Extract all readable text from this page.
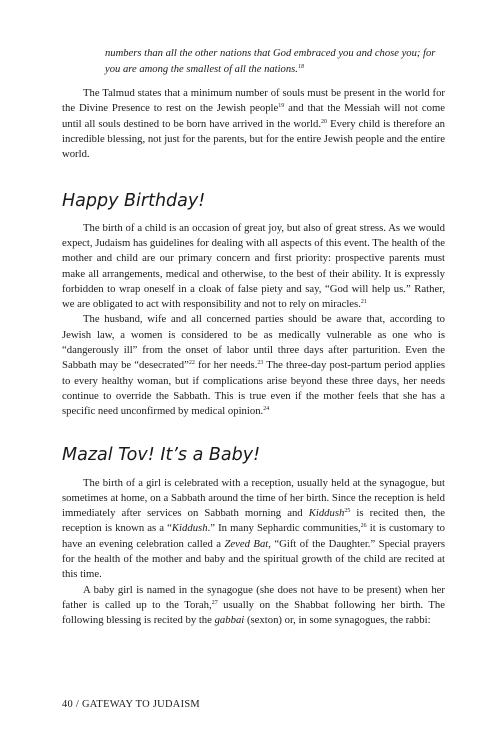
numbers than all the other nations that God embraced you and chose you; for you are among the smallest of all the nations.$^{18}$

The Talmud states that a minimum number of souls must be present in the world for the Divine Presence to rest on the Jewish people$^{19}$ and that the Messiah will not come until all souls destined to be born have arrived in the world.$^{20}$ Every child is therefore an incredible blessing, not just for the parents, but for the entire Jewish people and the entire world.

Happy Birthday!

The birth of a child is an occasion of great joy, but also of great stress. As we would expect, Judaism has guidelines for dealing with all aspects of this event. The health of the mother and child are our primary concern and first priority: prospective parents must make all arrangements, medical and otherwise, to the best of their ability. It is expressly forbidden to wrap oneself in a cloak of false piety and say, “God will help us.” Rather, we are obligated to act with responsibility and not to rely on miracles.$^{21}$

The husband, wife and all concerned parties should be aware that, according to Jewish law, a women is considered to be as medically vulnerable as one who is “dangerously ill” from the onset of labor until three days after parturition. Even the Sabbath may be “desecrated”$^{22}$ for her needs.$^{23}$ The three-day post-partum period applies to every healthy woman, but if complications arise beyond these three days, her needs continue to override the Sabbath. This is true even if the mother feels that she has a specific need unconfirmed by medical opinion.$^{24}$

Mazal Tov! It’s a Baby!

The birth of a girl is celebrated with a reception, usually held at the synagogue, but sometimes at home, on a Sabbath around the time of her birth. Since the reception is held immediately after services on Sabbath morning and Kiddush$^{25}$ is recited then, the reception is known as a “Kiddush.” In many Sephardic communities,$^{26}$ it is customary to have an evening celebration called a Zeved Bat, “Gift of the Daughter.” Special prayers for the health of the mother and baby and the spiritual growth of the child are recited at this time.

A baby girl is named in the synagogue (she does not have to be present) when her father is called up to the Torah,$^{27}$ usually on the Shabbat following her birth. The following blessing is recited by the gabbai (sexton) or, in some synagogues, the rabbi:

40 / GATEWAY TO JUDAISM
